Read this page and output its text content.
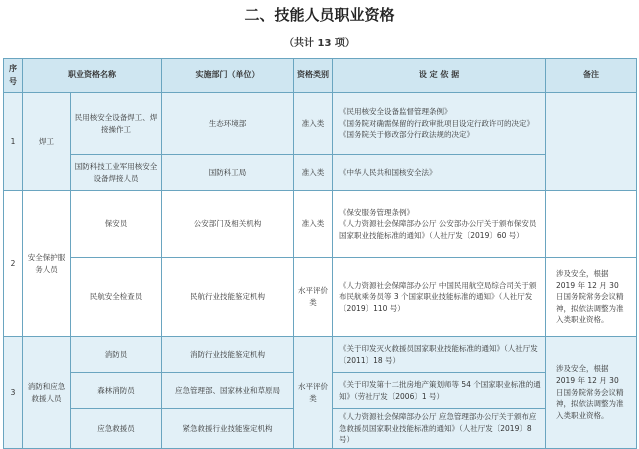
二、技能人员职业资格
（共计 13 项）
序号	职业资格名称		实施部门（单位）	资格类别	设 定 依 据	备注
1	焊工	民用核安全设备焊工、焊接操作工	生态环境部	准入类	《民用核安全设备监督管理条例》
《国务院对确需保留的行政审批项目设定行政许可的决定》
《国务院关于修改部分行政法规的决定》	

		国防科技工业军用核安全设备焊接人员	国防科工局	准入类	《中华人民共和国核安全法》	

2	安全保护服务人员	保安员	公安部门及相关机构	准入类	《保安服务管理条例》
《人力资源社会保障部办公厅 公安部办公厅关于颁布保安员国家职业技能标准的通知》（人社厅发〔2019〕60 号）	

		民航安全检查员	民航行业技能鉴定机构	水平评价类	《人力资源社会保障部办公厅 中国民用航空局综合司关于颁布民航乘务员等 3 个国家职业技能标准的通知》（人社厅发〔2019〕110 号）	涉及安全，根据 2019 年 12 月 30 日国务院常务会议精神，拟依法调整为准入类职业资格。
3	消防和应急救援人员	消防员	消防行业技能鉴定机构	水平评价类	《关于印发灭火救援员国家职业技能标准的通知》（人社厅发〔2011〕18 号）	涉及安全，根据 2019 年 12 月 30 日国务院常务会议精神，拟依法调整为准入类职业资格。
		森林消防员	应急管理部、国家林业和草原局		《关于印发第十二批房地产策划师等 54 个国家职业标准的通知》（劳社厅发〔2006〕1 号）	

		应急救援员	紧急救援行业技能鉴定机构		《人力资源社会保障部办公厅 应急管理部办公厅关于颁布应急救援员国家职业技能标准的通知》（人社厅发〔2019〕8 号）	
